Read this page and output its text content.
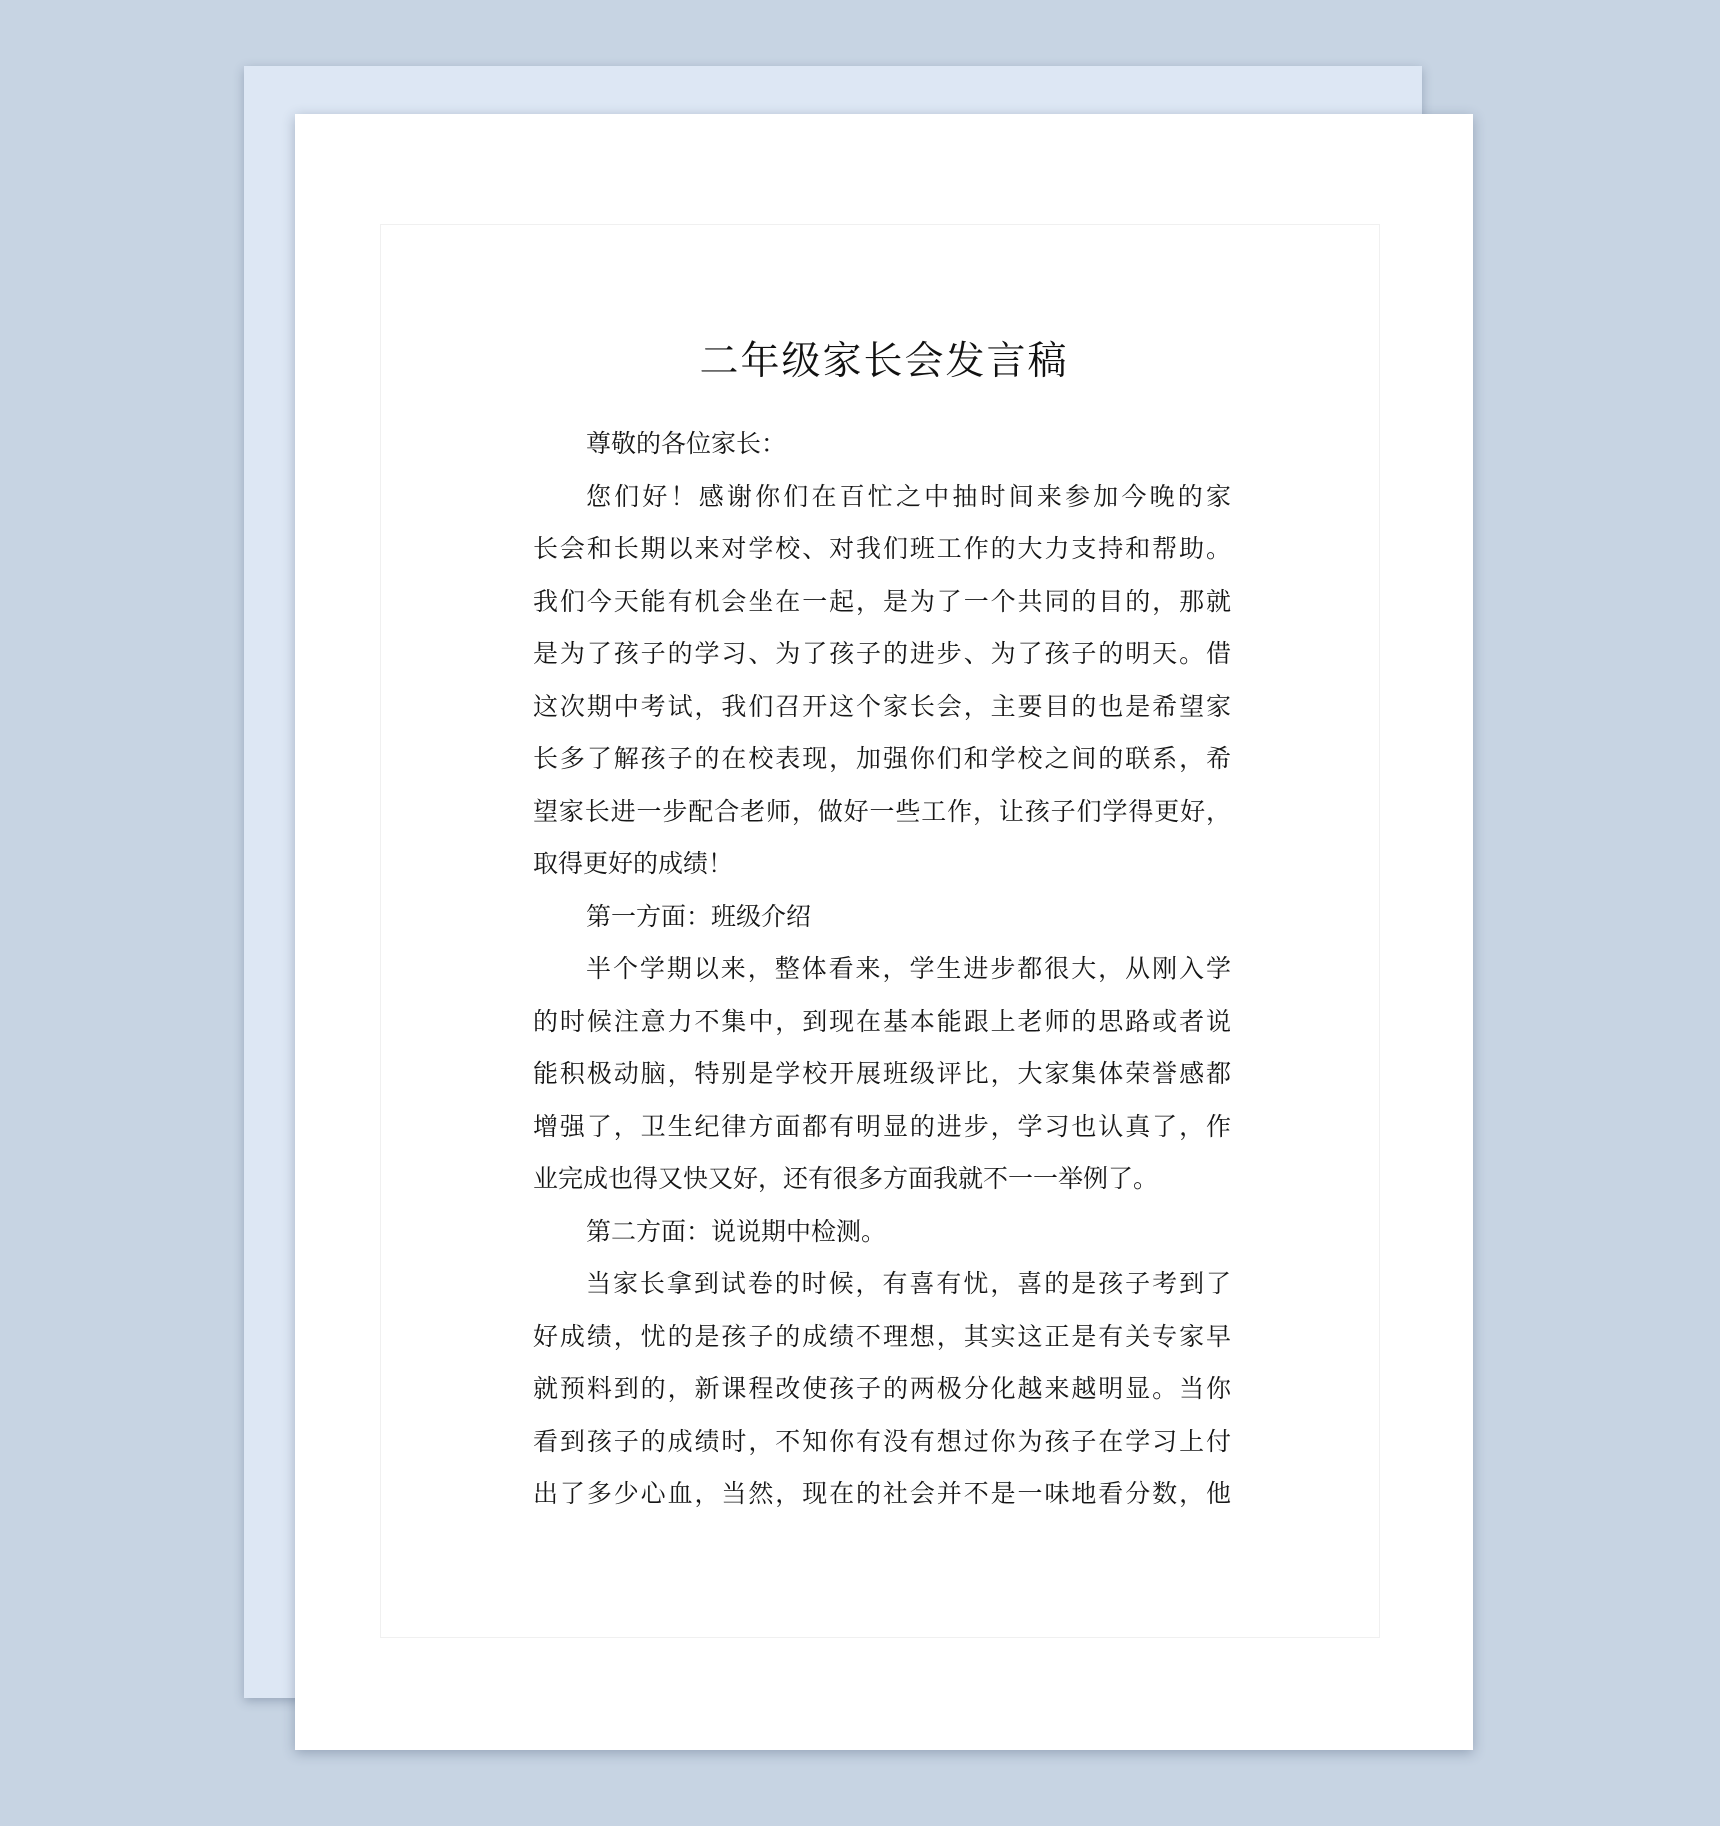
二年级家长会发言稿
尊敬的各位家长：
您们好！感谢你们在百忙之中抽时间来参加今晚的家
长会和长期以来对学校、对我们班工作的大力支持和帮助。
我们今天能有机会坐在一起，是为了一个共同的目的，那就
是为了孩子的学习、为了孩子的进步、为了孩子的明天。借
这次期中考试，我们召开这个家长会，主要目的也是希望家
长多了解孩子的在校表现，加强你们和学校之间的联系，希
望家长进一步配合老师，做好一些工作，让孩子们学得更好，
取得更好的成绩！
第一方面：班级介绍
半个学期以来，整体看来，学生进步都很大，从刚入学
的时候注意力不集中，到现在基本能跟上老师的思路或者说
能积极动脑，特别是学校开展班级评比，大家集体荣誉感都
增强了，卫生纪律方面都有明显的进步，学习也认真了，作
业完成也得又快又好，还有很多方面我就不一一举例了。
第二方面：说说期中检测。
当家长拿到试卷的时候，有喜有忧，喜的是孩子考到了
好成绩，忧的是孩子的成绩不理想，其实这正是有关专家早
就预料到的，新课程改使孩子的两极分化越来越明显。当你
看到孩子的成绩时，不知你有没有想过你为孩子在学习上付
出了多少心血，当然，现在的社会并不是一味地看分数，他
